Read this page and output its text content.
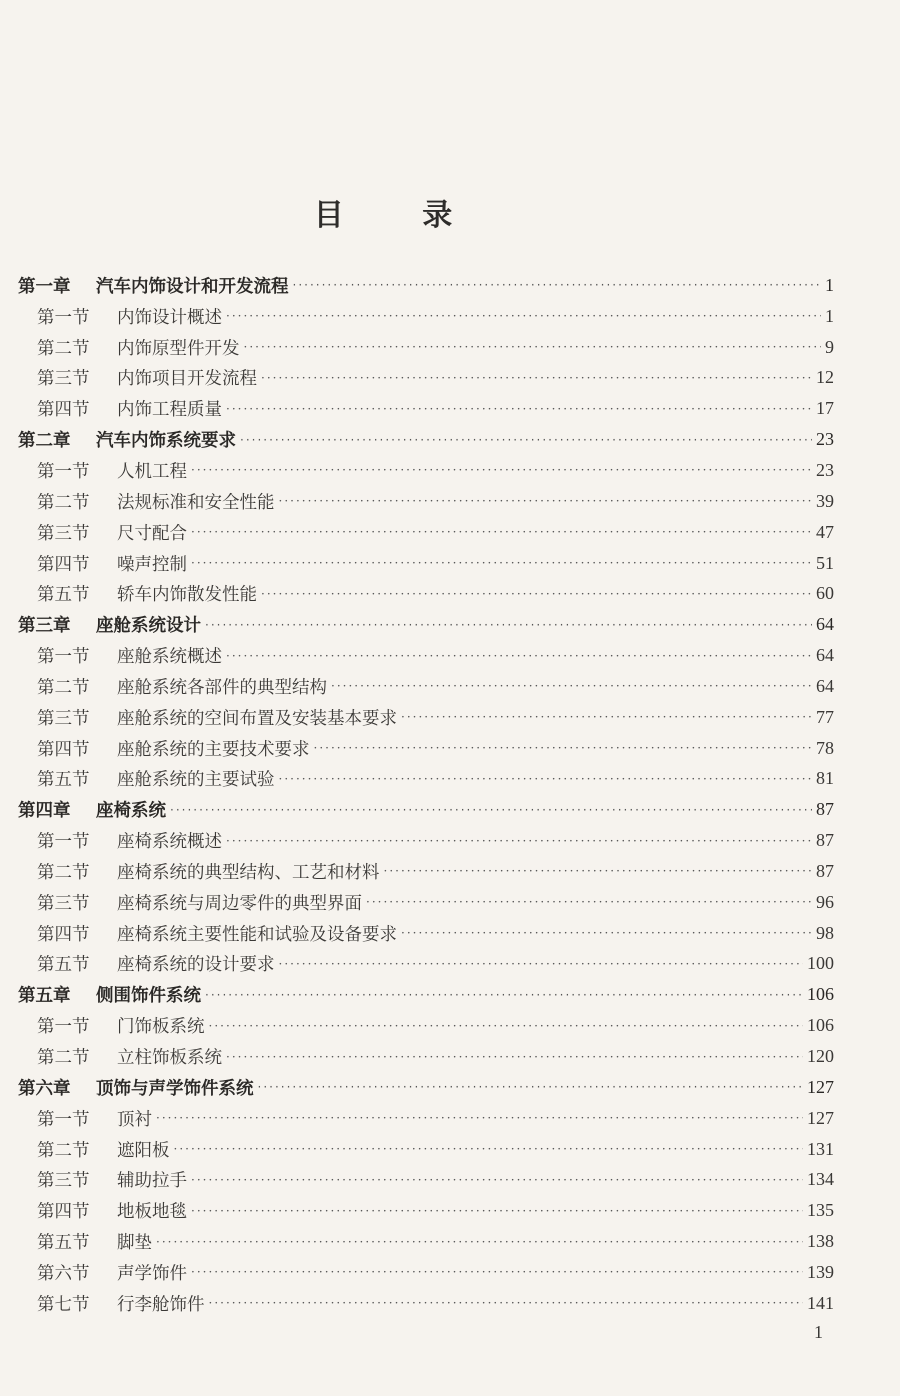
目 录
第一章	汽车内饰设计和开发流程 ·····	1
第一节	内饰设计概述 ·····	1
第二节	内饰原型件开发 ·····	9
第三节	内饰项目开发流程 ·····	12
第四节	内饰工程质量 ·····	17
第二章	汽车内饰系统要求 ·····	23
第一节	人机工程 ·····	23
第二节	法规标准和安全性能 ·····	39
第三节	尺寸配合 ·····	47
第四节	噪声控制 ·····	51
第五节	轿车内饰散发性能 ·····	60
第三章	座舱系统设计 ·····	64
第一节	座舱系统概述 ·····	64
第二节	座舱系统各部件的典型结构 ·····	64
第三节	座舱系统的空间布置及安装基本要求 ·····	77
第四节	座舱系统的主要技术要求 ·····	78
第五节	座舱系统的主要试验 ·····	81
第四章	座椅系统 ·····	87
第一节	座椅系统概述 ·····	87
第二节	座椅系统的典型结构、工艺和材料 ·····	87
第三节	座椅系统与周边零件的典型界面 ·····	96
第四节	座椅系统主要性能和试验及设备要求 ·····	98
第五节	座椅系统的设计要求 ·····	100
第五章	侧围饰件系统 ·····	106
第一节	门饰板系统 ·····	106
第二节	立柱饰板系统 ·····	120
第六章	顶饰与声学饰件系统 ·····	127
第一节	顶衬 ·····	127
第二节	遮阳板 ·····	131
第三节	辅助拉手 ·····	134
第四节	地板地毯 ·····	135
第五节	脚垫 ·····	138
第六节	声学饰件 ·····	139
第七节	行李舱饰件 ·····	141
1
